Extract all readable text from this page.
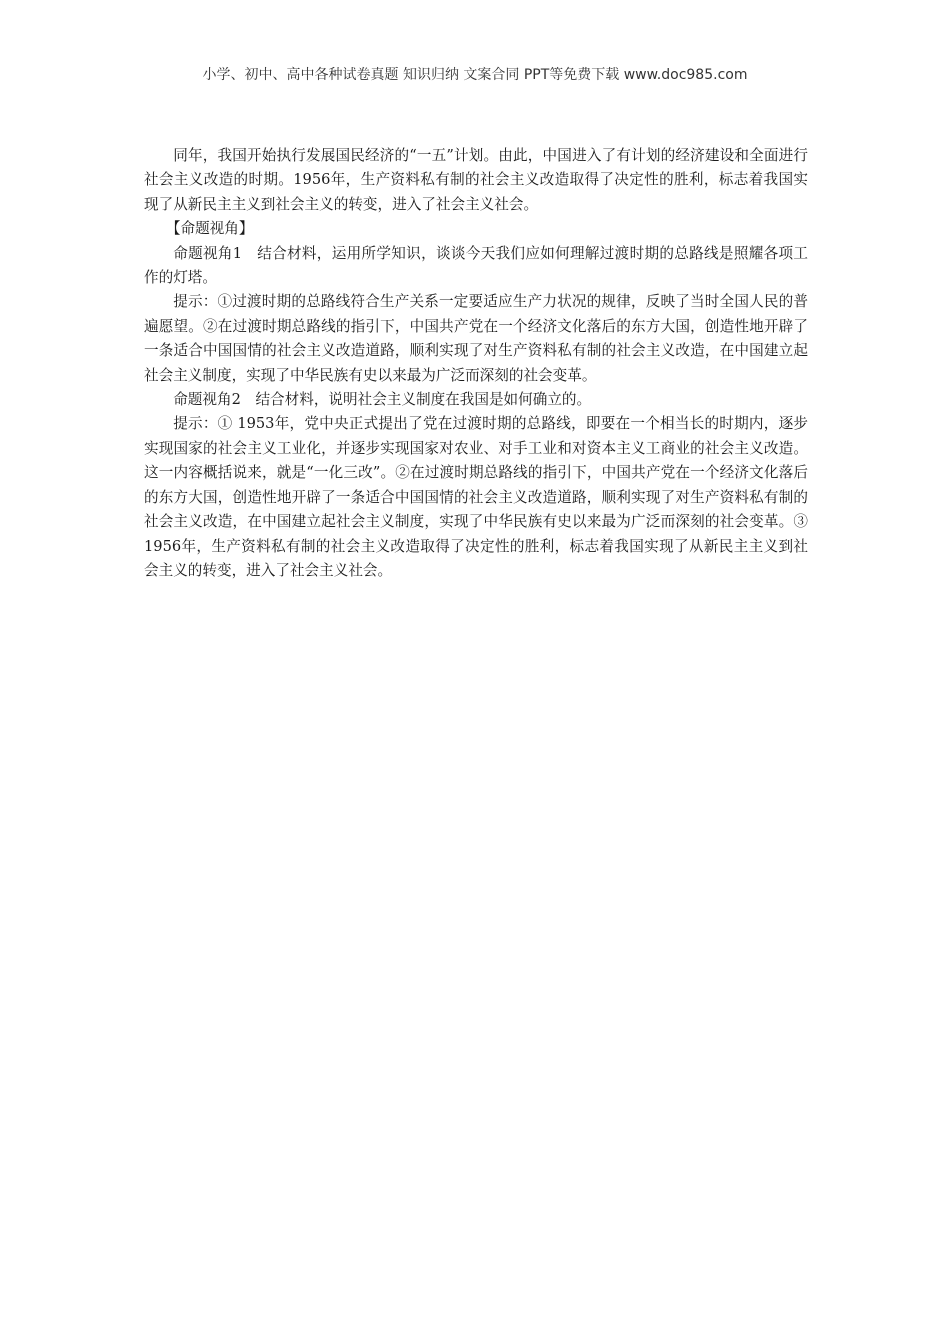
小学、初中、高中各种试卷真题 知识归纳 文案合同 PPT等免费下载 www.doc985.com

同年，我国开始执行发展国民经济的“一五”计划。由此，中国进入了有计划的经济建设和全面进行社会主义改造的时期。1956年，生产资料私有制的社会主义改造取得了决定性的胜利，标志着我国实现了从新民主主义到社会主义的转变，进入了社会主义社会。

【命题视角】

命题视角1　结合材料，运用所学知识，谈谈今天我们应如何理解过渡时期的总路线是照耀各项工作的灯塔。

提示：①过渡时期的总路线符合生产关系一定要适应生产力状况的规律，反映了当时全国人民的普遍愿望。②在过渡时期总路线的指引下，中国共产党在一个经济文化落后的东方大国，创造性地开辟了一条适合中国国情的社会主义改造道路，顺利实现了对生产资料私有制的社会主义改造，在中国建立起社会主义制度，实现了中华民族有史以来最为广泛而深刻的社会变革。

命题视角2　结合材料，说明社会主义制度在我国是如何确立的。

提示：① 1953年，党中央正式提出了党在过渡时期的总路线，即要在一个相当长的时期内，逐步实现国家的社会主义工业化，并逐步实现国家对农业、对手工业和对资本主义工商业的社会主义改造。这一内容概括说来，就是“一化三改”。②在过渡时期总路线的指引下，中国共产党在一个经济文化落后的东方大国，创造性地开辟了一条适合中国国情的社会主义改造道路，顺利实现了对生产资料私有制的社会主义改造，在中国建立起社会主义制度，实现了中华民族有史以来最为广泛而深刻的社会变革。③ 1956年，生产资料私有制的社会主义改造取得了决定性的胜利，标志着我国实现了从新民主主义到社会主义的转变，进入了社会主义社会。
